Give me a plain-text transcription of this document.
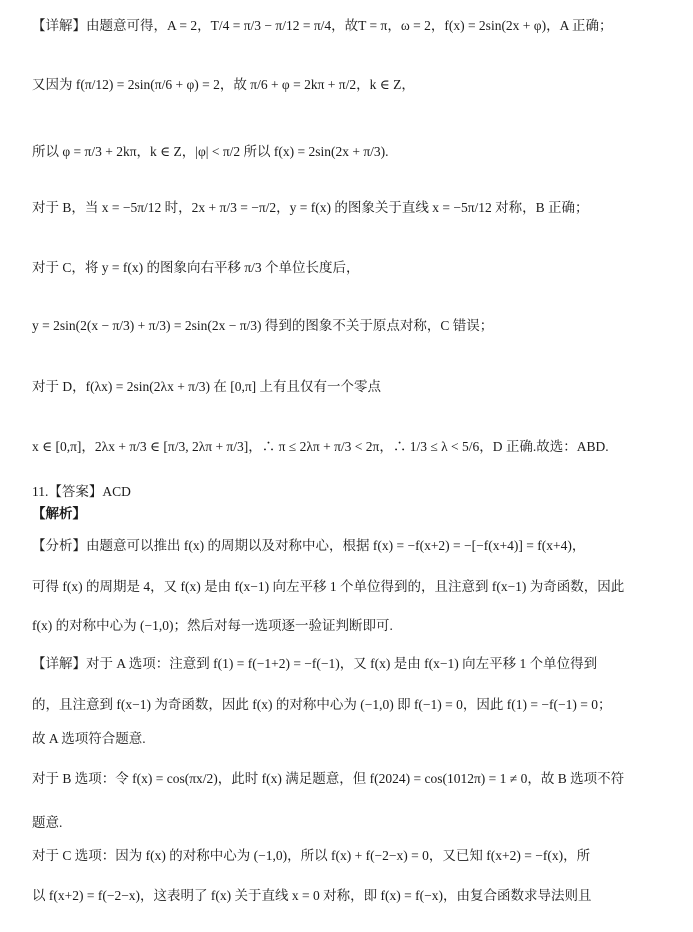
【详解】由题意可得，A = 2，T/4 = π/3 − π/12 = π/4，故T = π，ω = 2，f(x) = 2sin(2x + φ)，A 正确；
又因为 f(π/12) = 2sin(π/6 + φ) = 2，故 π/6 + φ = 2kπ + π/2，k ∈ Z，
所以 φ = π/3 + 2kπ，k ∈ Z，|φ| < π/2 所以 f(x) = 2sin(2x + π/3).
对于 B，当 x = −5π/12 时，2x + π/3 = −π/2，y = f(x) 的图象关于直线 x = −5π/12 对称，B 正确；
对于 C，将 y = f(x) 的图象向右平移 π/3 个单位长度后，
y = 2sin(2(x − π/3) + π/3) = 2sin(2x − π/3) 得到的图象不关于原点对称，C 错误；
对于 D，f(λx) = 2sin(2λx + π/3) 在 [0,π] 上有且仅有一个零点
x ∈ [0,π]，2λx + π/3 ∈ [π/3, 2λπ + π/3]，∴ π ≤ 2λπ + π/3 < 2π，∴ 1/3 ≤ λ < 5/6，D 正确.故选：ABD.
11.【答案】ACD
【解析】
【分析】由题意可以推出 f(x) 的周期以及对称中心，根据 f(x) = −f(x+2) = −[−f(x+4)] = f(x+4)，
可得 f(x) 的周期是 4，又 f(x) 是由 f(x−1) 向左平移 1 个单位得到的，且注意到 f(x−1) 为奇函数，因此
f(x) 的对称中心为 (−1,0)；然后对每一选项逐一验证判断即可.
【详解】对于 A 选项：注意到 f(1) = f(−1+2) = −f(−1)，又 f(x) 是由 f(x−1) 向左平移 1 个单位得到
的，且注意到 f(x−1) 为奇函数，因此 f(x) 的对称中心为 (−1,0) 即 f(−1) = 0，因此 f(1) = −f(−1) = 0；
故 A 选项符合题意.
对于 B 选项：令 f(x) = cos(πx/2)，此时 f(x) 满足题意，但 f(2024) = cos(1012π) = 1 ≠ 0，故 B 选项不符
题意.
对于 C 选项：因为 f(x) 的对称中心为 (−1,0)，所以 f(x) + f(−2−x) = 0，又已知 f(x+2) = −f(x)，所
以 f(x+2) = f(−2−x)，这表明了 f(x) 关于直线 x = 0 对称，即 f(x) = f(−x)，由复合函数求导法则且
